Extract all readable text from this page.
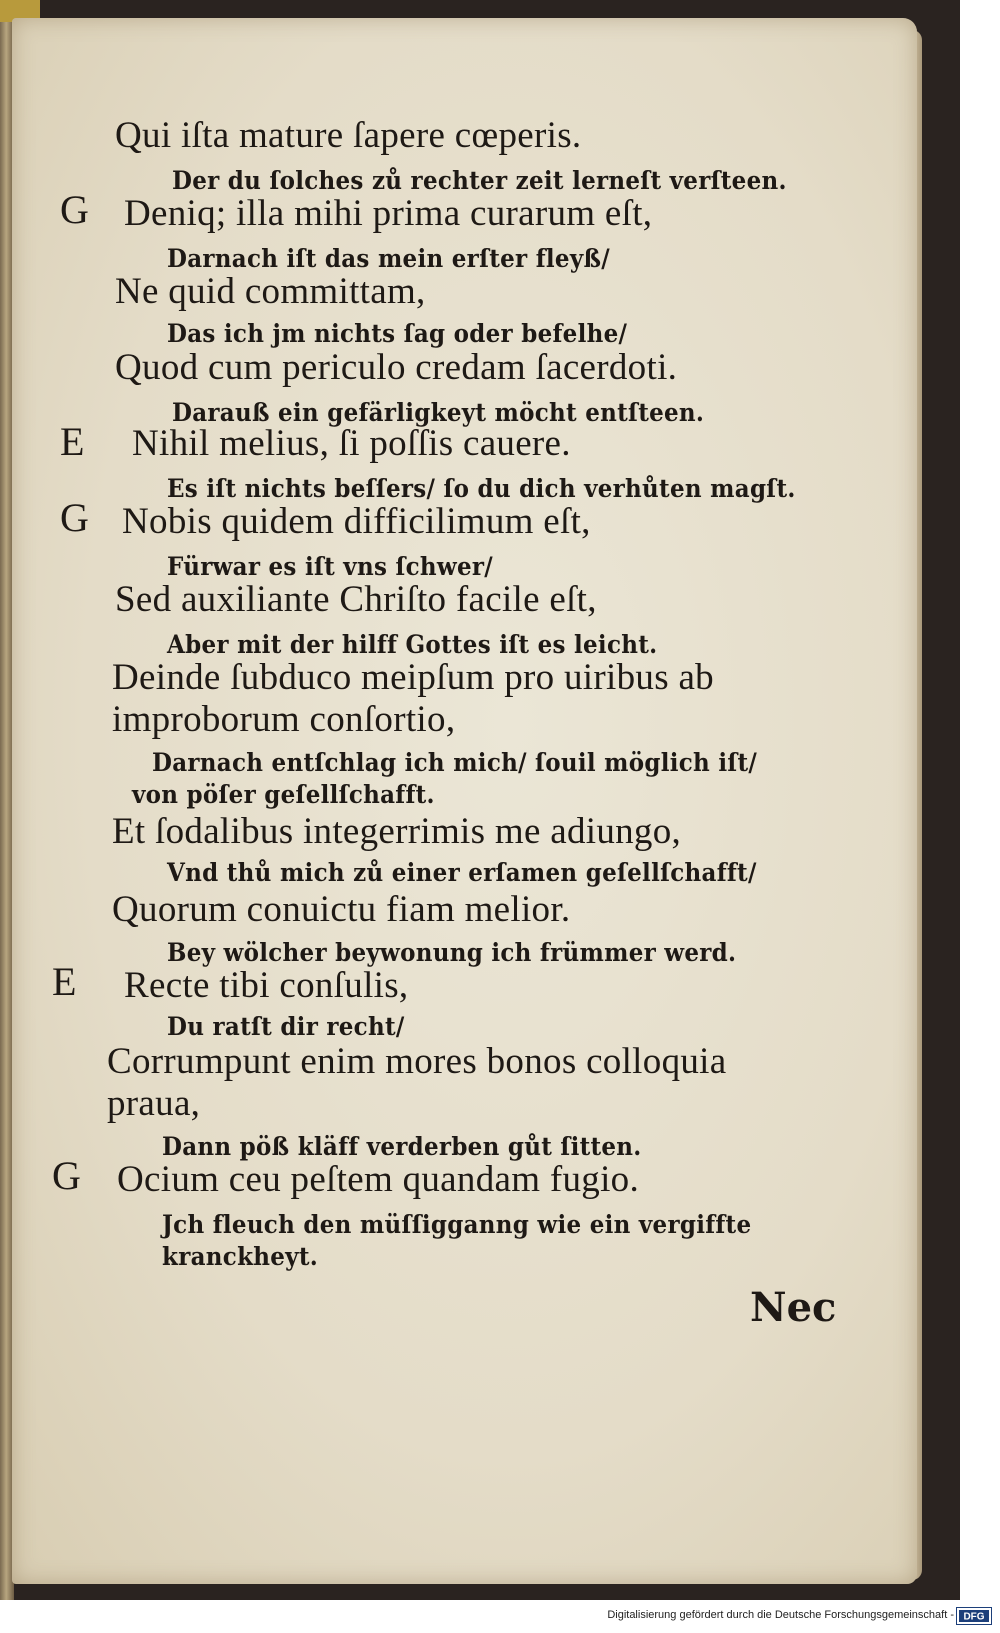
Qui iſta mature ſapere cœperis.

Der du ſolches zů rechter zeit lerneſt verſteen.

G Deniq; illa mihi prima curarum eſt,

Darnach iſt das mein erſter fleyß/

Ne quid committam,

Das ich jm nichts ſag oder befelhe/

Quod cum periculo credam ſacerdoti.

Darauß ein gefärligkeyt möcht entſteen.

E Nihil melius, ſi poſſis cauere.

Es iſt nichts beſſers/ ſo du dich verhůten magſt.

G Nobis quidem difficilimum eſt,

Fürwar es iſt vns ſchwer/

Sed auxiliante Chriſto facile eſt,

Aber mit der hilff Gottes iſt es leicht.

Deinde ſubduco meipſum pro uiribus ab

improborum conſortio,

Darnach entſchlag ich mich/ ſouil möglich iſt/

von pöſer geſellſchafft.

Et ſodalibus integerrimis me adiungo,

Vnd thů mich zů einer erſamen geſellſchafft/

Quorum conuictu fiam melior.

Bey wölcher beywonung ich frümmer werd.

E Recte tibi conſulis,

Du ratſt dir recht/

Corrumpunt enim mores bonos colloquia

praua,

Dann pöß kläff verderben gůt ſitten.

G Ocium ceu peſtem quandam fugio.

Jch fleuch den müſſigganng wie ein vergiffte

kranckheyt.

Nec

Digitalisierung gefördert durch die Deutsche Forschungsgemeinschaft - DFG
